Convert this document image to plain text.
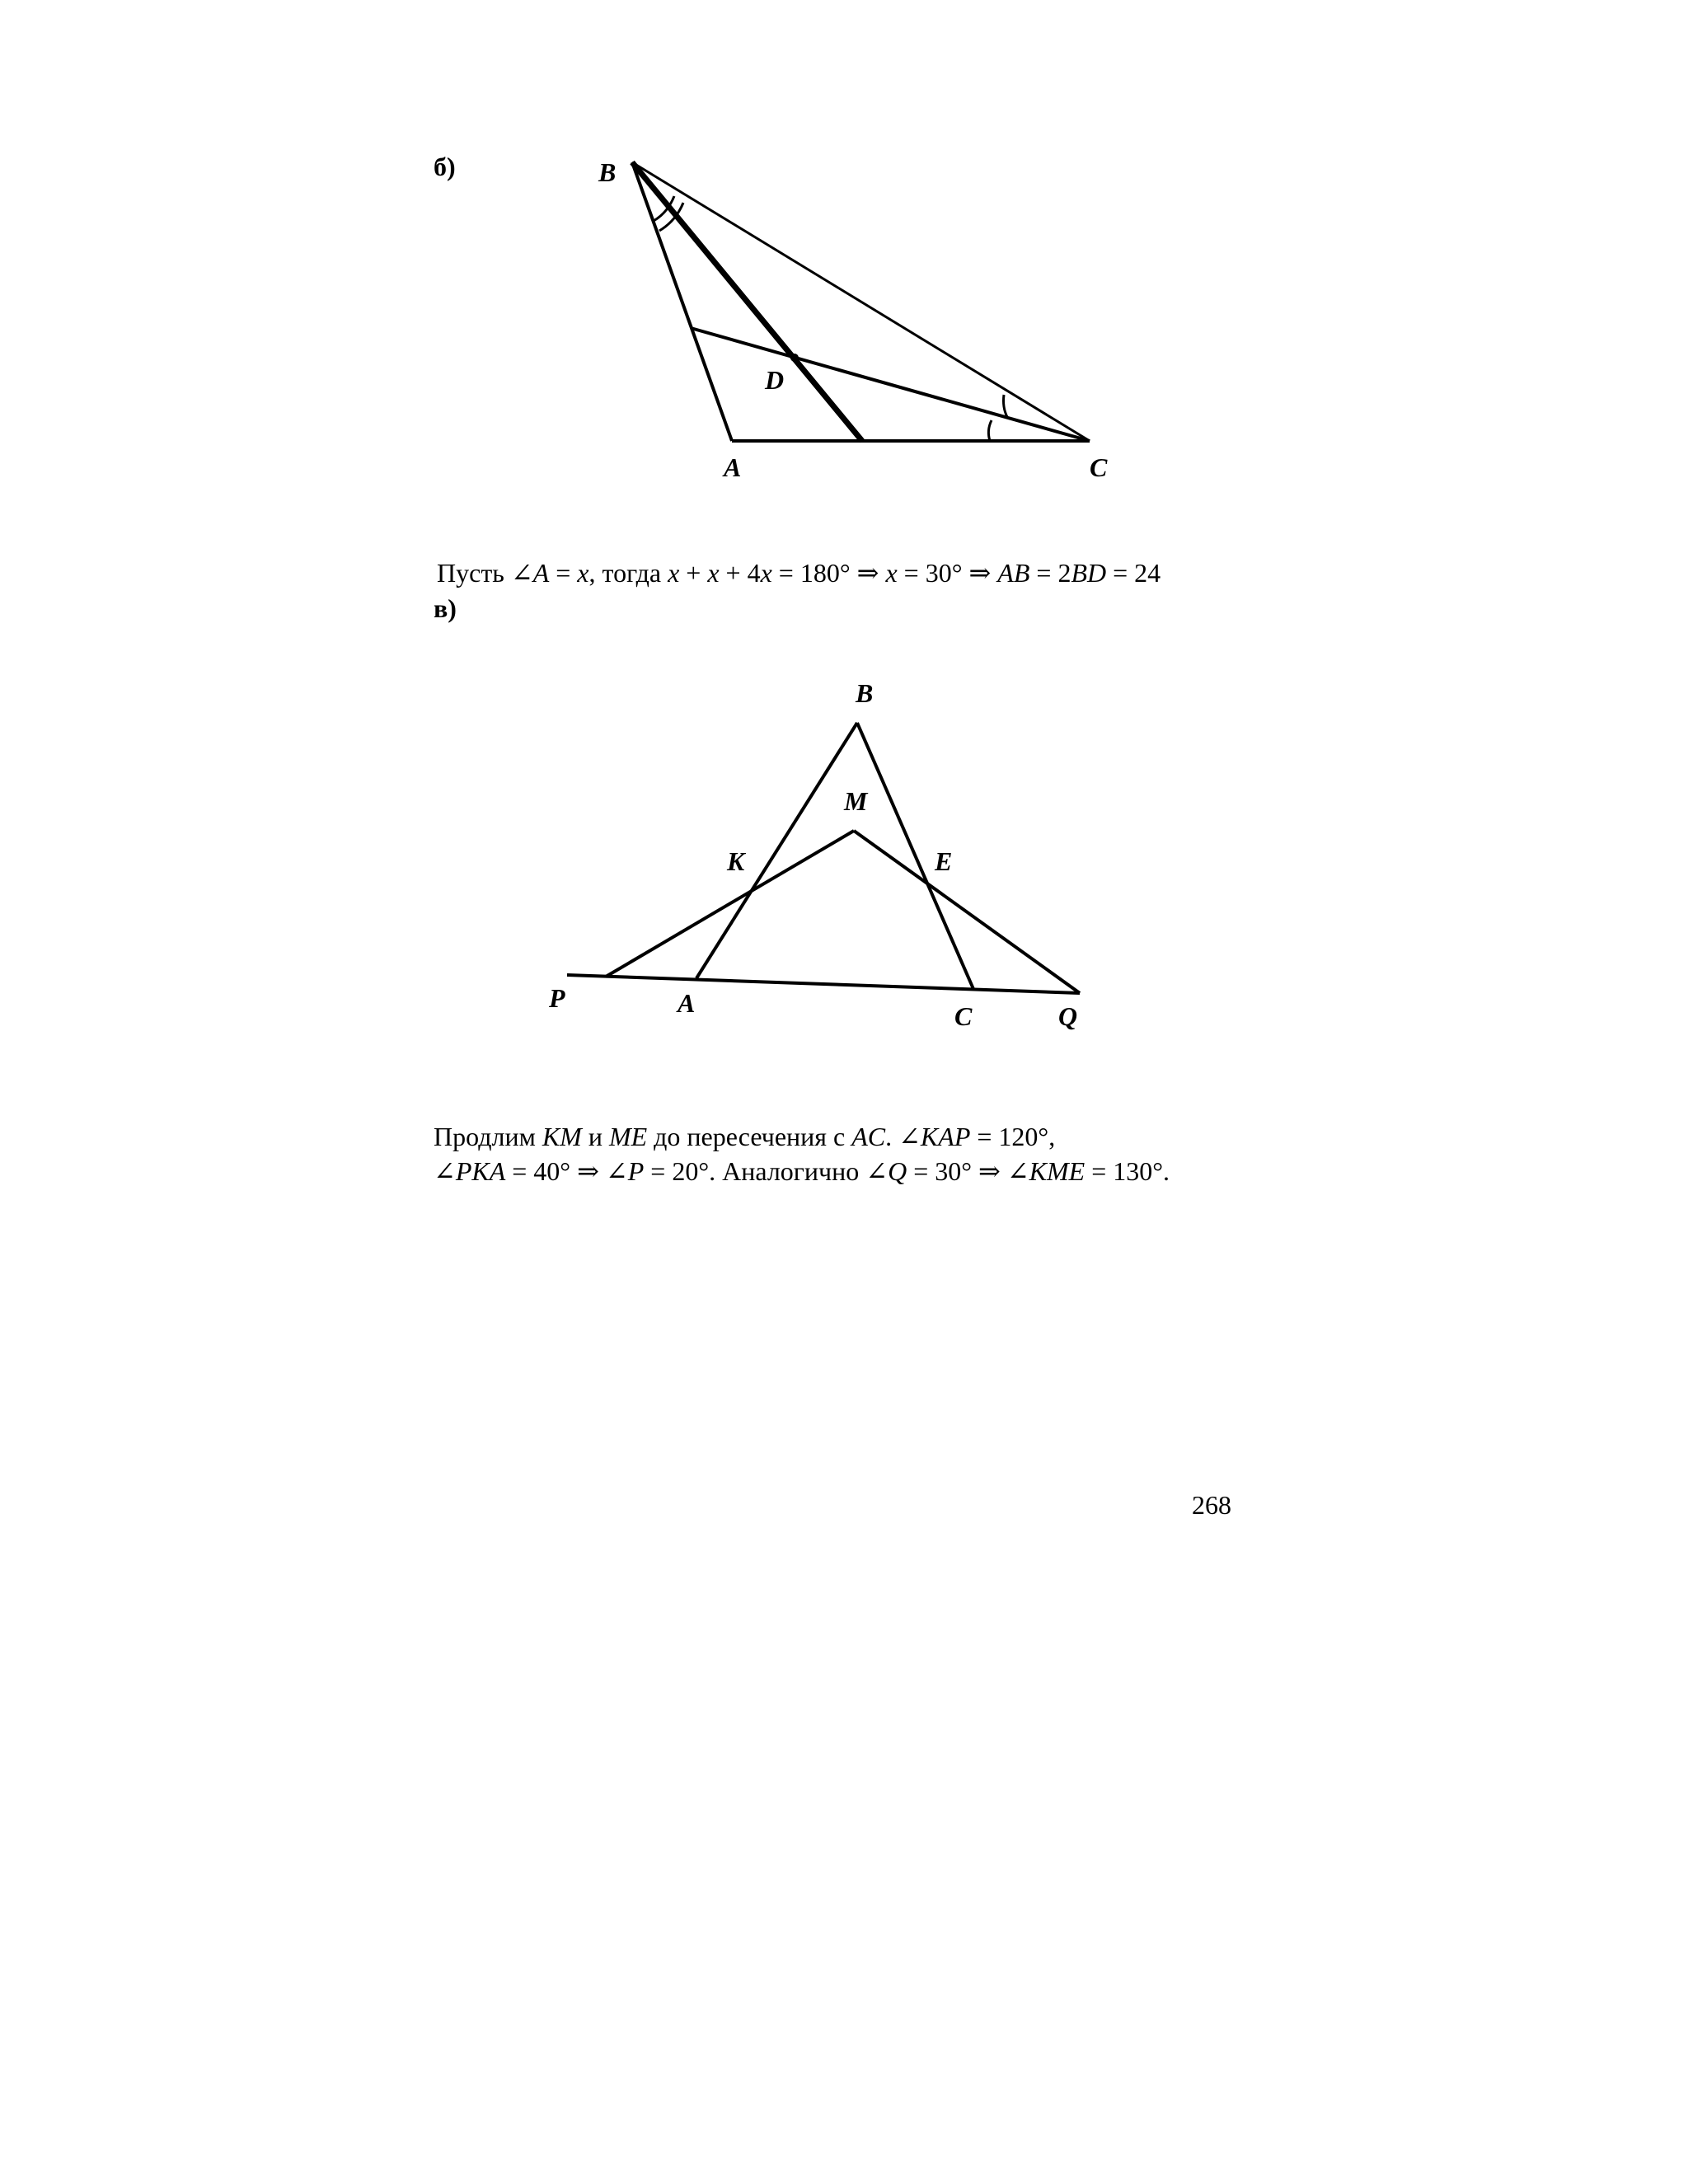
б)	B
D
A	C
Пусть ∠A = x, тогда x + x + 4x = 180° ⇒ x = 30° ⇒ AB = 2BD = 24
в)
B
M
K	E
P	A	C	Q
Продлим KM и ME до пересечения с AC. ∠KAP = 120°,
∠PKA = 40° ⇒ ∠P = 20°. Аналогично ∠Q = 30° ⇒ ∠KME = 130°.
268
